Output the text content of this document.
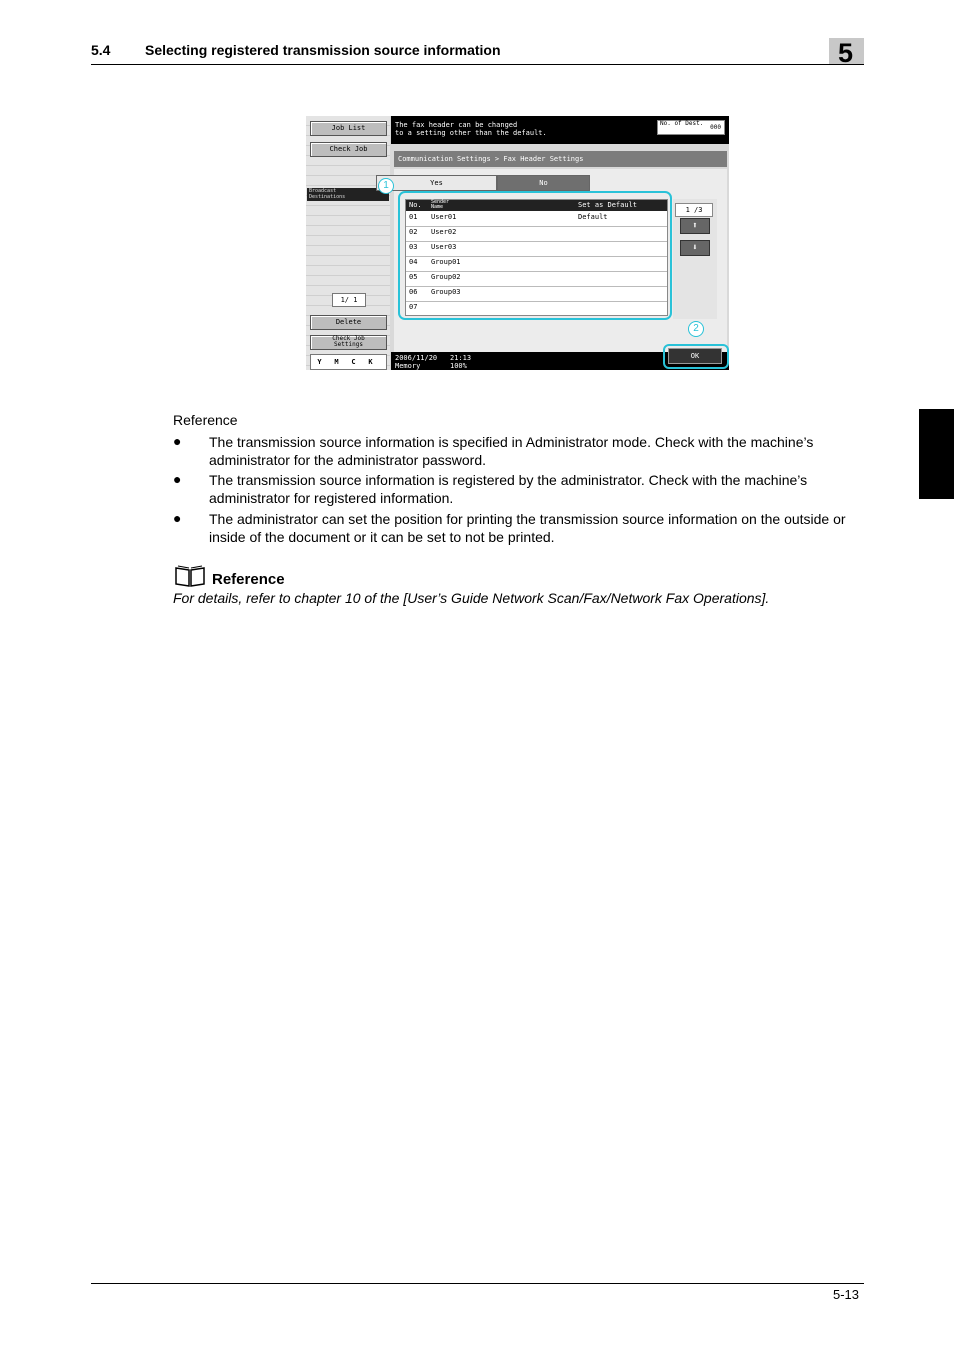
5.4 Selecting registered transmission source information	5
Job List
Check Job
Broadcast
Destinations
1/ 1
Delete
Check Job
Settings
Y M C K
The fax header can be changed
to a setting other than the default.
No. of Dest.
000
Communication Settings > Fax Header Settings
Yes	No
No. Sender Name	Set as Default
01 User01	Default
02 User02
03 User03
04 Group01
05 Group02
06 Group03
07
1
1 /3
⬆
⬇
2006/11/20 21:13
Memory	100%
OK
2
Reference
● The transmission source information is specified in Administrator mode. Check with the machine’s administrator for the administrator password.
● The transmission source information is registered by the administrator. Check with the machine’s administrator for registered information.
● The administrator can set the position for printing the transmission source information on the outside or inside of the document or it can be set to not be printed.
Reference
For details, refer to chapter 10 of the [User’s Guide Network Scan/Fax/Network Fax Operations].
5-13
